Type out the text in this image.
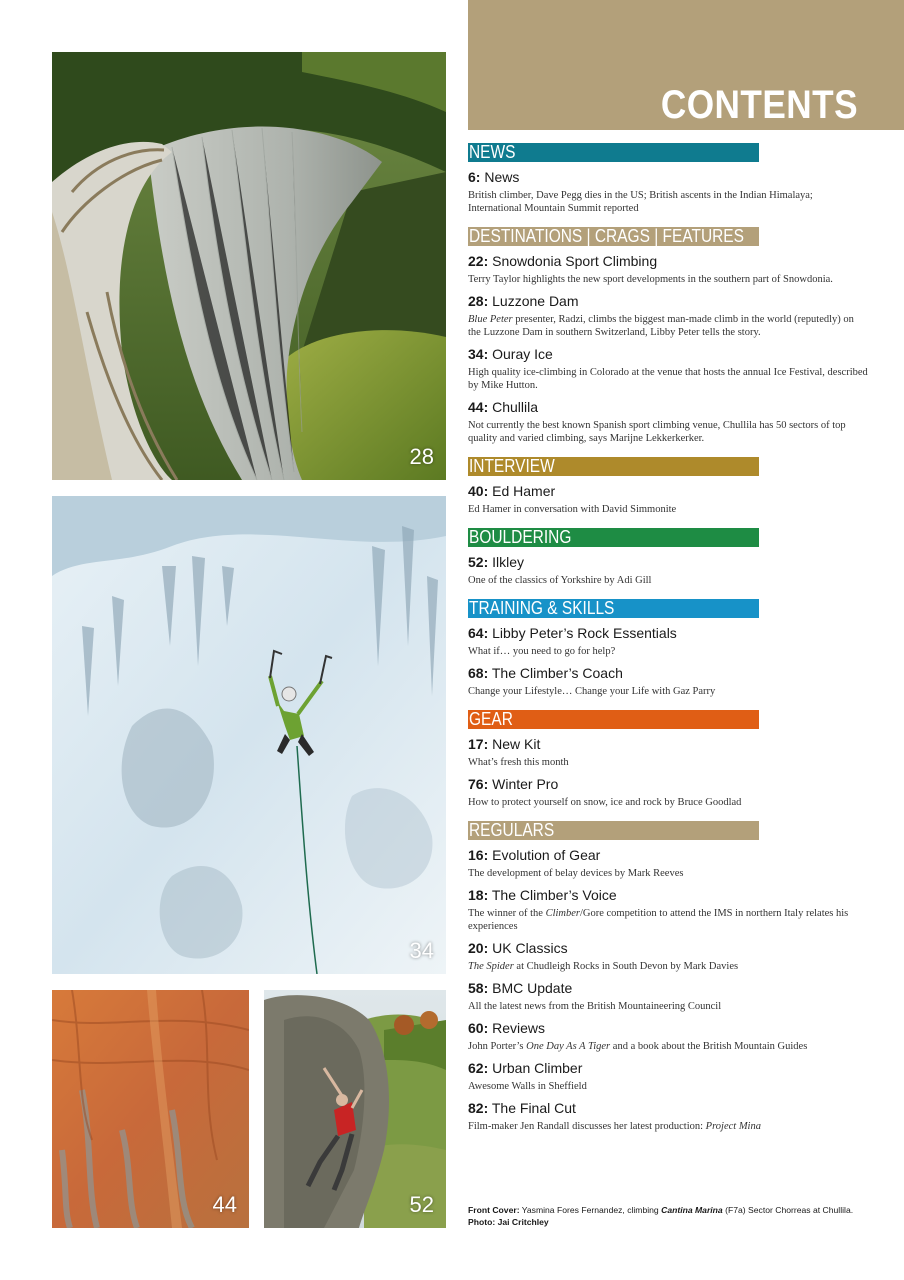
28
34
44	52
CONTENTS
NEWS
6: News
British climber, Dave Pegg dies in the US; British ascents in the Indian Himalaya; International Mountain Summit reported
DESTINATIONS | CRAGS | FEATURES
22: Snowdonia Sport Climbing
Terry Taylor highlights the new sport developments in the southern part of Snowdonia.
28: Luzzone Dam
Blue Peter presenter, Radzi, climbs the biggest man-made climb in the world (reputedly) on the Luzzone Dam in southern Switzerland, Libby Peter tells the story.
34: Ouray Ice
High quality ice-climbing in Colorado at the venue that hosts the annual Ice Festival, described by Mike Hutton.
44: Chullila
Not currently the best known Spanish sport climbing venue, Chullila has 50 sectors of top quality and varied climbing, says Marijne Lekkerkerker.
INTERVIEW
40: Ed Hamer
Ed Hamer in conversation with David Simmonite
BOULDERING
52: Ilkley
One of the classics of Yorkshire by Adi Gill
TRAINING & SKILLS
64: Libby Peter’s Rock Essentials
What if… you need to go for help?
68: The Climber’s Coach
Change your Lifestyle… Change your Life with Gaz Parry
GEAR
17: New Kit
What’s fresh this month
76: Winter Pro
How to protect yourself on snow, ice and rock by Bruce Goodlad
REGULARS
16: Evolution of Gear
The development of belay devices by Mark Reeves
18: The Climber’s Voice
The winner of the Climber/Gore competition to attend the IMS in northern Italy relates his experiences
20: UK Classics
The Spider at Chudleigh Rocks in South Devon by Mark Davies
58: BMC Update
All the latest news from the British Mountaineering Council
60: Reviews
John Porter’s One Day As A Tiger and a book about the British Mountain Guides
62: Urban Climber
Awesome Walls in Sheffield
82: The Final Cut
Film-maker Jen Randall discusses her latest production: Project Mina
Front Cover: Yasmina Fores Fernandez, climbing Cantina Marina (F7a) Sector Chorreas at Chullila.
Photo: Jai Critchley
